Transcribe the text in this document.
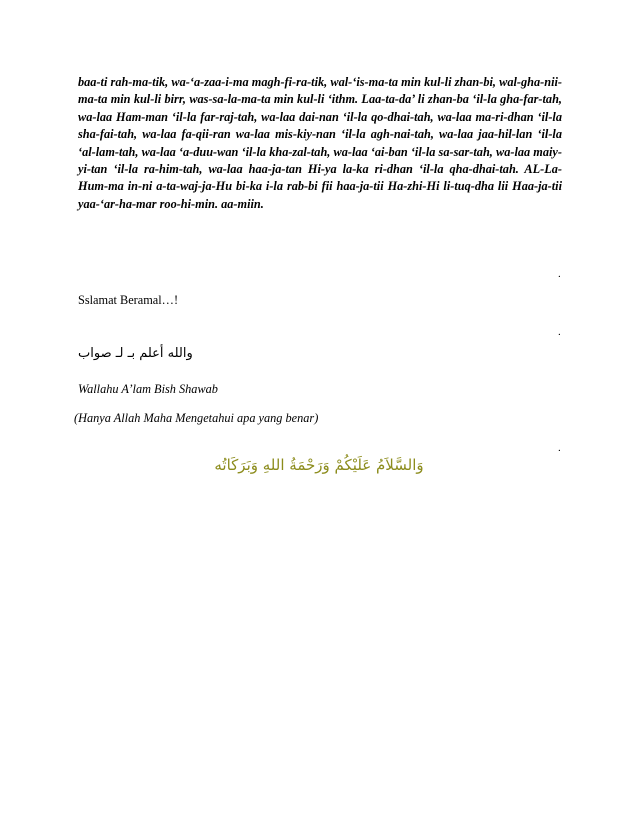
baa-ti rah-ma-tik, wa-‘a-zaa-i-ma magh-fi-ra-tik, wal-‘is-ma-ta min kul-li zhan-bi, wal-gha-nii-ma-ta min kul-li birr, was-sa-la-ma-ta min kul-li ‘ithm. Laa-ta-da’ li zhan-ba ‘il-la gha-far-tah, wa-laa Ham-man ‘il-la far-raj-tah, wa-laa dai-nan ‘il-la qo-dhai-tah, wa-laa ma-ri-dhan ‘il-la sha-fai-tah, wa-laa fa-qii-ran wa-laa mis-kiy-nan ‘il-la agh-nai-tah, wa-laa jaa-hil-lan ‘il-la ‘al-lam-tah, wa-laa ‘a-duu-wan ‘il-la kha-zal-tah, wa-laa ‘ai-ban ‘il-la sa-sar-tah, wa-laa maiy-yi-tan ‘il-la ra-him-tah, wa-laa haa-ja-tan Hi-ya la-ka ri-dhan ‘il-la qha-dhai-tah. AL-La-Hum-ma in-ni a-ta-waj-ja-Hu bi-ka i-la rab-bi fii haa-ja-tii Ha-zhi-Hi li-tuq-dha lii Haa-ja-tii yaa-‘ar-ha-mar roo-hi-min. aa-miin.

.

Sslamat Beramal…!

.
والله أعلم بـ لـ صواب

Wallahu A’lam Bish Shawab

(Hanya Allah Maha Mengetahui apa yang benar)

.
وَالسَّلاَمُ عَلَيْكُمْ وَرَحْمَةُ اللهِ وَبَرَكَاتُه
